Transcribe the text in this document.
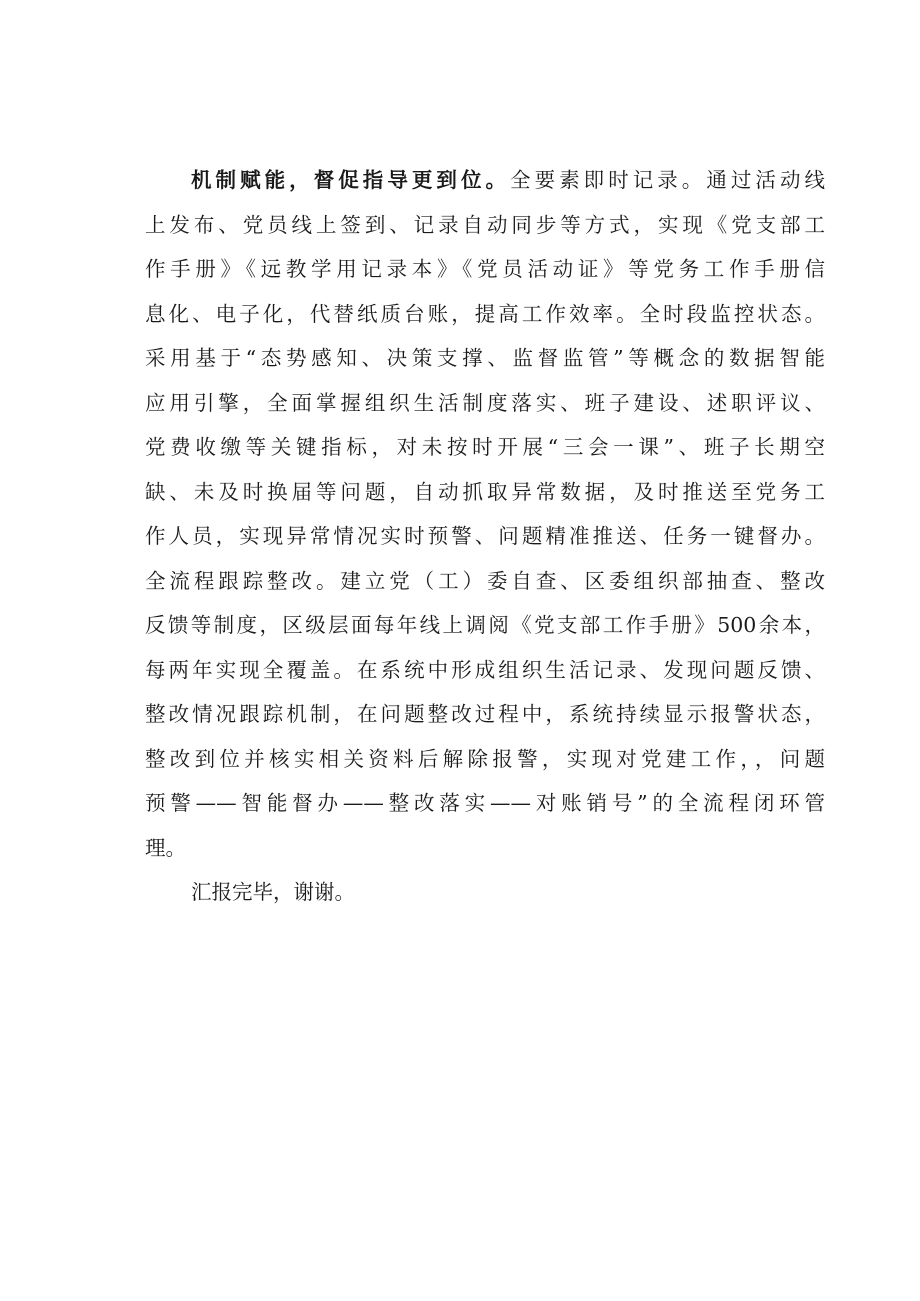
机制赋能，督促指导更到位。全要素即时记录。通过活动线
上发布、党员线上签到、记录自动同步等方式，实现《党支部工
作手册》《远教学用记录本》《党员活动证》等党务工作手册信
息化、电子化，代替纸质台账，提高工作效率。全时段监控状态。
采用基于“态势感知、决策支撑、监督监管”等概念的数据智能
应用引擎，全面掌握组织生活制度落实、班子建设、述职评议、
党费收缴等关键指标，对未按时开展“三会一课”、班子长期空
缺、未及时换届等问题，自动抓取异常数据，及时推送至党务工
作人员，实现异常情况实时预警、问题精准推送、任务一键督办。
全流程跟踪整改。建立党（工）委自查、区委组织部抽查、整改
反馈等制度，区级层面每年线上调阅《党支部工作手册》500余本，
每两年实现全覆盖。在系统中形成组织生活记录、发现问题反馈、
整改情况跟踪机制，在问题整改过程中，系统持续显示报警状态，
整改到位并核实相关资料后解除报警，实现对党建工作，，问题
预警——智能督办——整改落实——对账销号”的全流程闭环管
理。
汇报完毕，谢谢。
